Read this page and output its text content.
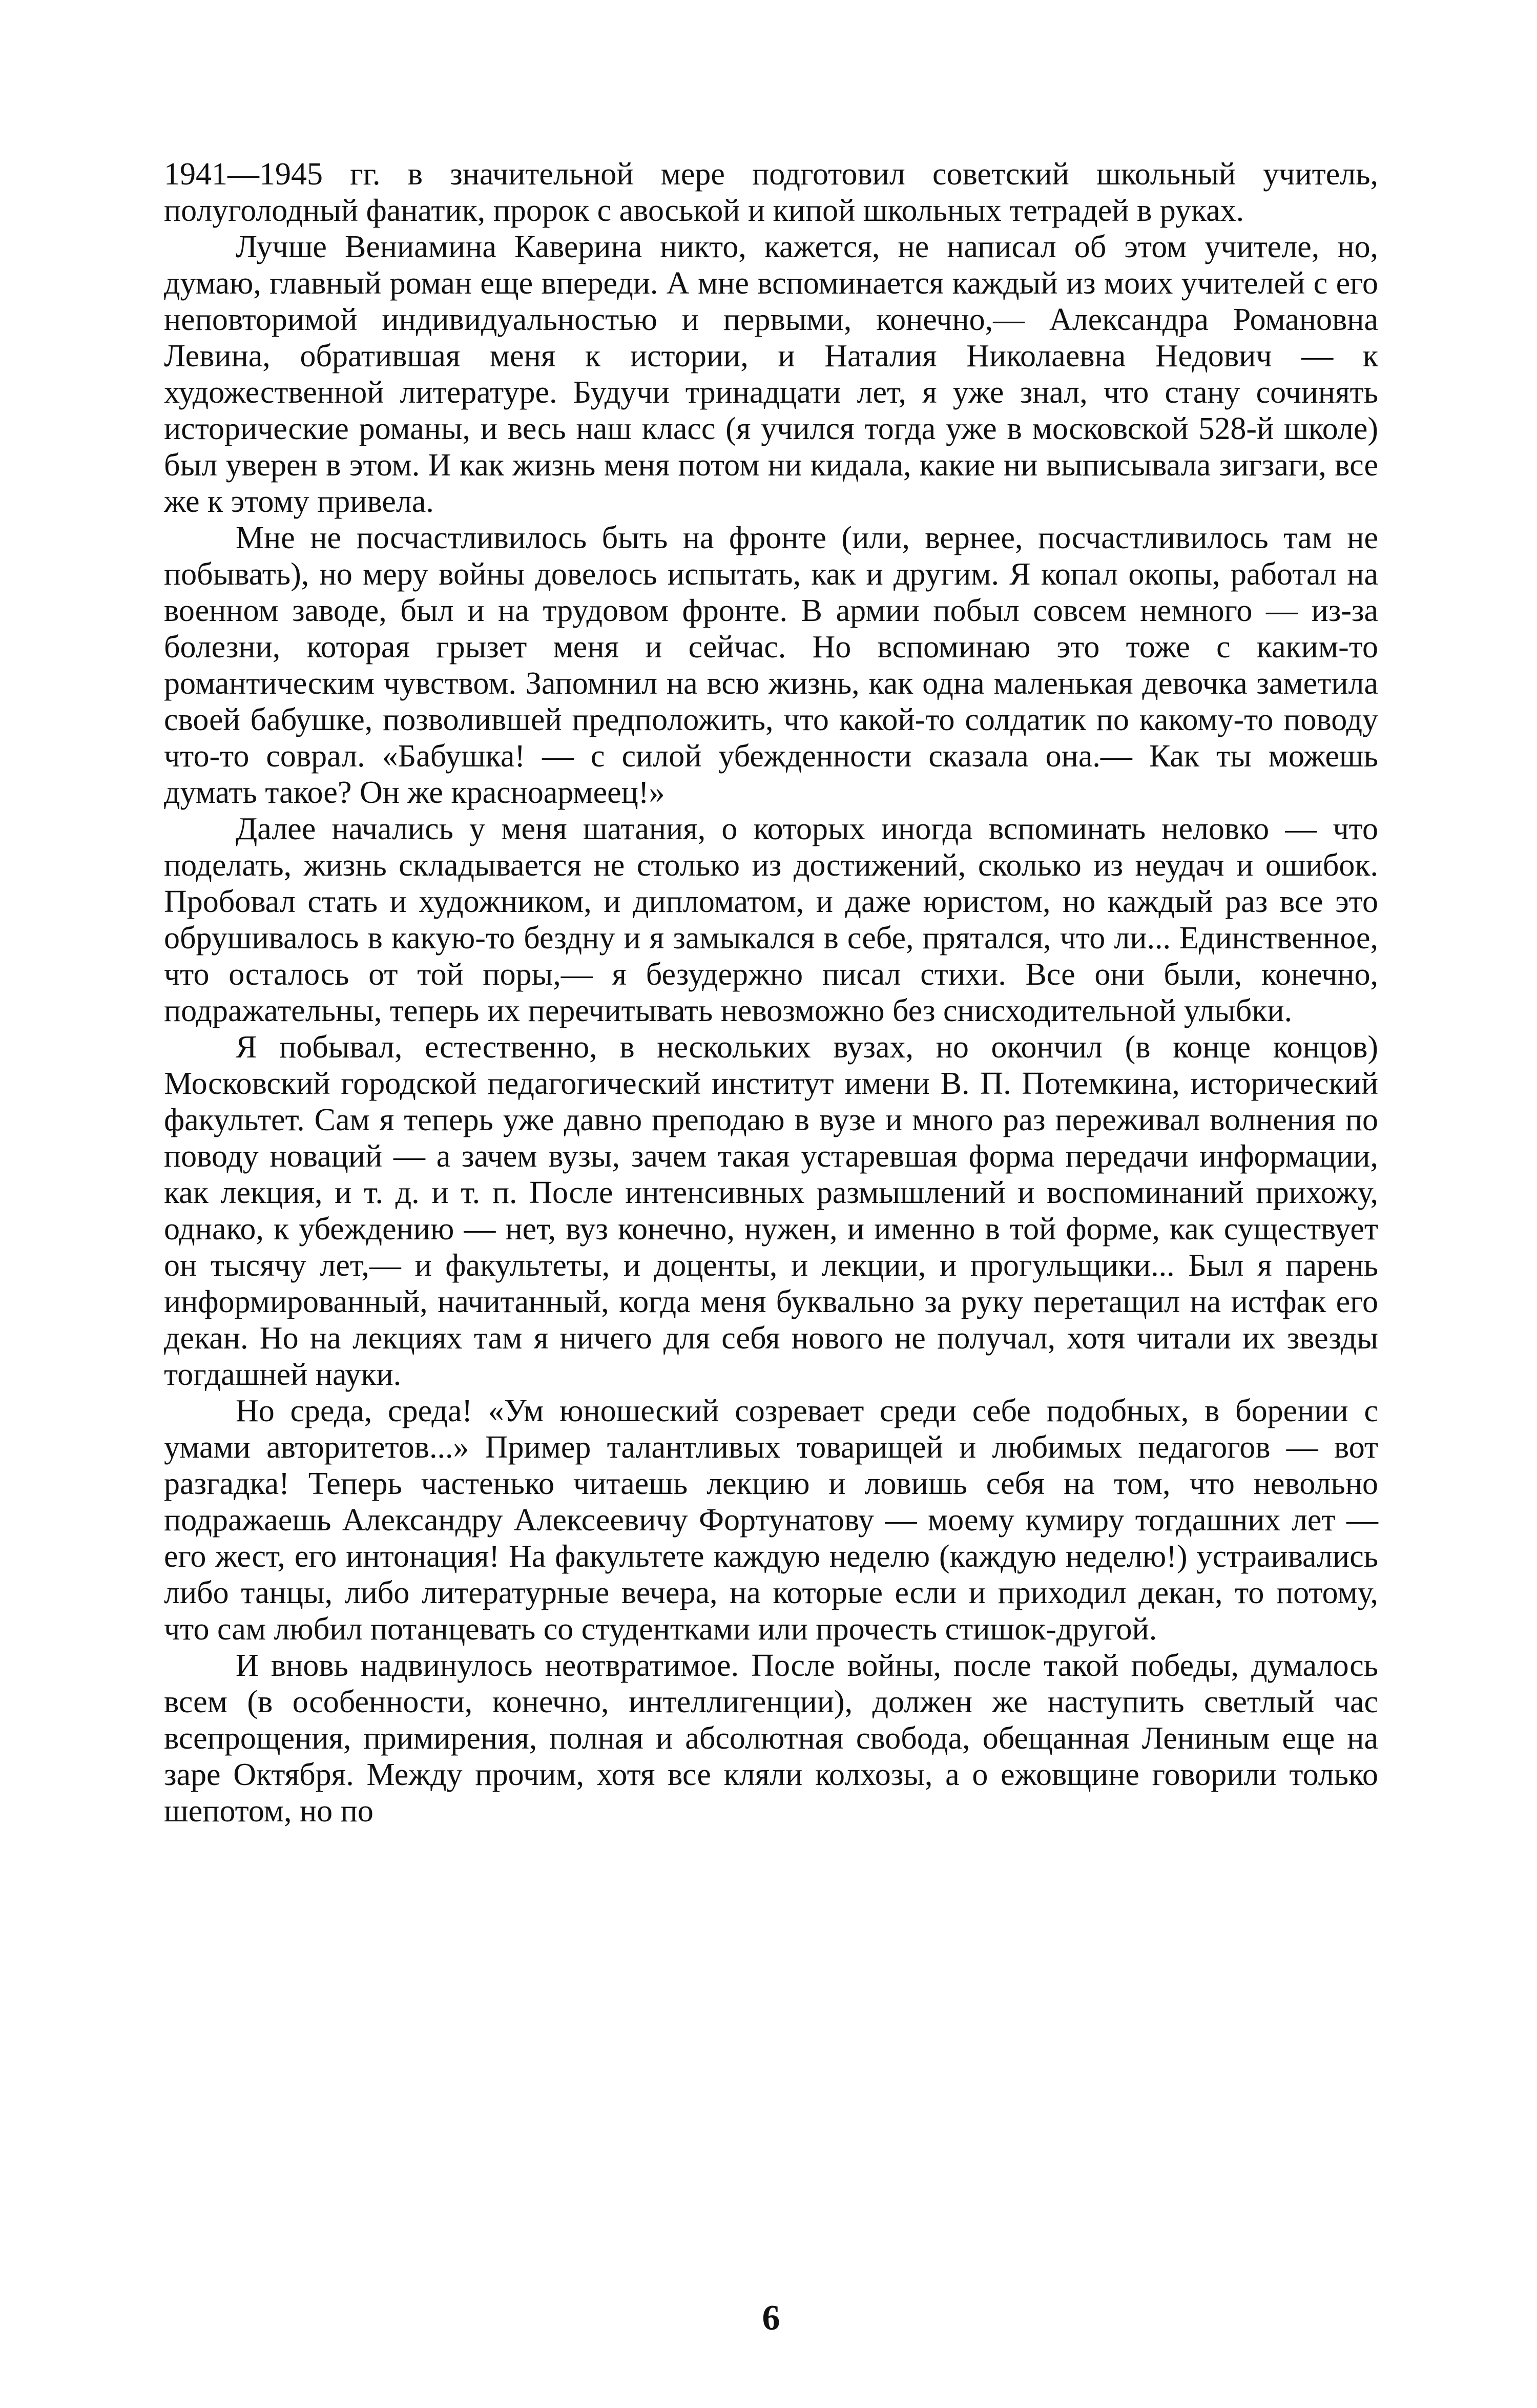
1941—1945 гг. в значительной мере подготовил советский школьный учитель, полуголодный фанатик, пророк с авоськой и кипой школьных тетрадей в руках.

Лучше Вениамина Каверина никто, кажется, не написал об этом учителе, но, думаю, главный роман еще впереди. А мне вспоминается каждый из моих учителей с его неповторимой индивидуальностью и первыми, конечно,— Александра Романовна Левина, обратившая меня к истории, и Наталия Николаевна Недович — к художественной литературе. Будучи тринадцати лет, я уже знал, что стану сочинять исторические романы, и весь наш класс (я учился тогда уже в московской 528-й школе) был уверен в этом. И как жизнь меня потом ни кидала, какие ни выписывала зигзаги, все же к этому привела.

Мне не посчастливилось быть на фронте (или, вернее, посчастливилось там не побывать), но меру войны довелось испытать, как и другим. Я копал окопы, работал на военном заводе, был и на трудовом фронте. В армии побыл совсем немного — из-за болезни, которая грызет меня и сейчас. Но вспоминаю это тоже с каким-то романтическим чувством. Запомнил на всю жизнь, как одна маленькая девочка заметила своей бабушке, позволившей предположить, что какой-то солдатик по какому-то поводу что-то соврал. «Бабушка! — с силой убежденности сказала она.— Как ты можешь думать такое? Он же красноармеец!»

Далее начались у меня шатания, о которых иногда вспоминать неловко — что поделать, жизнь складывается не столько из достижений, сколько из неудач и ошибок. Пробовал стать и художником, и дипломатом, и даже юристом, но каждый раз все это обрушивалось в какую-то бездну и я замыкался в себе, прятался, что ли... Единственное, что осталось от той поры,— я безудержно писал стихи. Все они были, конечно, подражательны, теперь их перечитывать невозможно без снисходительной улыбки.

Я побывал, естественно, в нескольких вузах, но окончил (в конце концов) Московский городской педагогический институт имени В. П. Потемкина, исторический факультет. Сам я теперь уже давно преподаю в вузе и много раз переживал волнения по поводу новаций — а зачем вузы, зачем такая устаревшая форма передачи информации, как лекция, и т. д. и т. п. После интенсивных размышлений и воспоминаний прихожу, однако, к убеждению — нет, вуз конечно, нужен, и именно в той форме, как существует он тысячу лет,— и факультеты, и доценты, и лекции, и прогульщики... Был я парень информированный, начитанный, когда меня буквально за руку перетащил на истфак его декан. Но на лекциях там я ничего для себя нового не получал, хотя читали их звезды тогдашней науки.

Но среда, среда! «Ум юношеский созревает среди себе подобных, в борении с умами авторитетов...» Пример талантливых товарищей и любимых педагогов — вот разгадка! Теперь частенько читаешь лекцию и ловишь себя на том, что невольно подражаешь Александру Алексеевичу Фортунатову — моему кумиру тогдашних лет — его жест, его интонация! На факультете каждую неделю (каждую неделю!) устраивались либо танцы, либо литературные вечера, на которые если и приходил декан, то потому, что сам любил потанцевать со студентками или прочесть стишок-другой.

И вновь надвинулось неотвратимое. После войны, после такой победы, думалось всем (в особенности, конечно, интеллигенции), должен же наступить светлый час всепрощения, примирения, полная и абсолютная свобода, обещанная Лениным еще на заре Октября. Между прочим, хотя все кляли колхозы, а о ежовщине говорили только шепотом, но по

6
